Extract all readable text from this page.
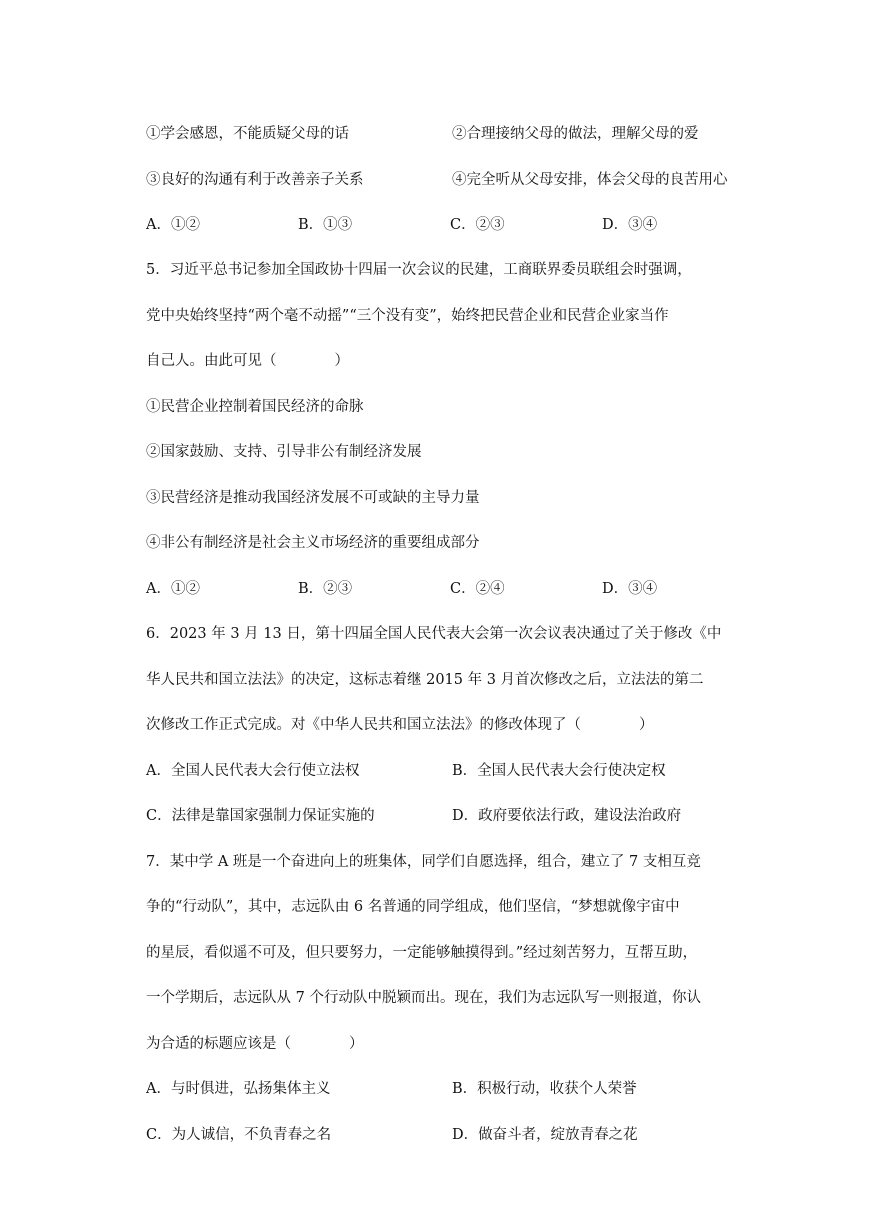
①学会感恩，不能质疑父母的话	②合理接纳父母的做法，理解父母的爱
③良好的沟通有利于改善亲子关系	④完全听从父母安排，体会父母的良苦用心
A．①②	B．①③	C．②③	D．③④
5．习近平总书记参加全国政协十四届一次会议的民建，工商联界委员联组会时强调，
党中央始终坚持“两个毫不动摇”“三个没有变”，始终把民营企业和民营企业家当作
自己人。由此可见（　　　　）
①民营企业控制着国民经济的命脉
②国家鼓励、支持、引导非公有制经济发展
③民营经济是推动我国经济发展不可或缺的主导力量
④非公有制经济是社会主义市场经济的重要组成部分
A．①②	B．②③	C．②④	D．③④
6．2023 年 3 月 13 日，第十四届全国人民代表大会第一次会议表决通过了关于修改《中
华人民共和国立法法》的决定，这标志着继 2015 年 3 月首次修改之后，立法法的第二
次修改工作正式完成。对《中华人民共和国立法法》的修改体现了（　　　　）
A．全国人民代表大会行使立法权	B．全国人民代表大会行使决定权
C．法律是靠国家强制力保证实施的	D．政府要依法行政，建设法治政府
7．某中学 A 班是一个奋进向上的班集体，同学们自愿选择，组合，建立了 7 支相互竞
争的“行动队”，其中，志远队由 6 名普通的同学组成，他们坚信，“梦想就像宇宙中
的星辰，看似遥不可及，但只要努力，一定能够触摸得到。”经过刻苦努力，互帮互助，
一个学期后，志远队从 7 个行动队中脱颖而出。现在，我们为志远队写一则报道，你认
为合适的标题应该是（　　　　）
A．与时俱进，弘扬集体主义	B．积极行动，收获个人荣誉
C．为人诚信，不负青春之名	D．做奋斗者，绽放青春之花
